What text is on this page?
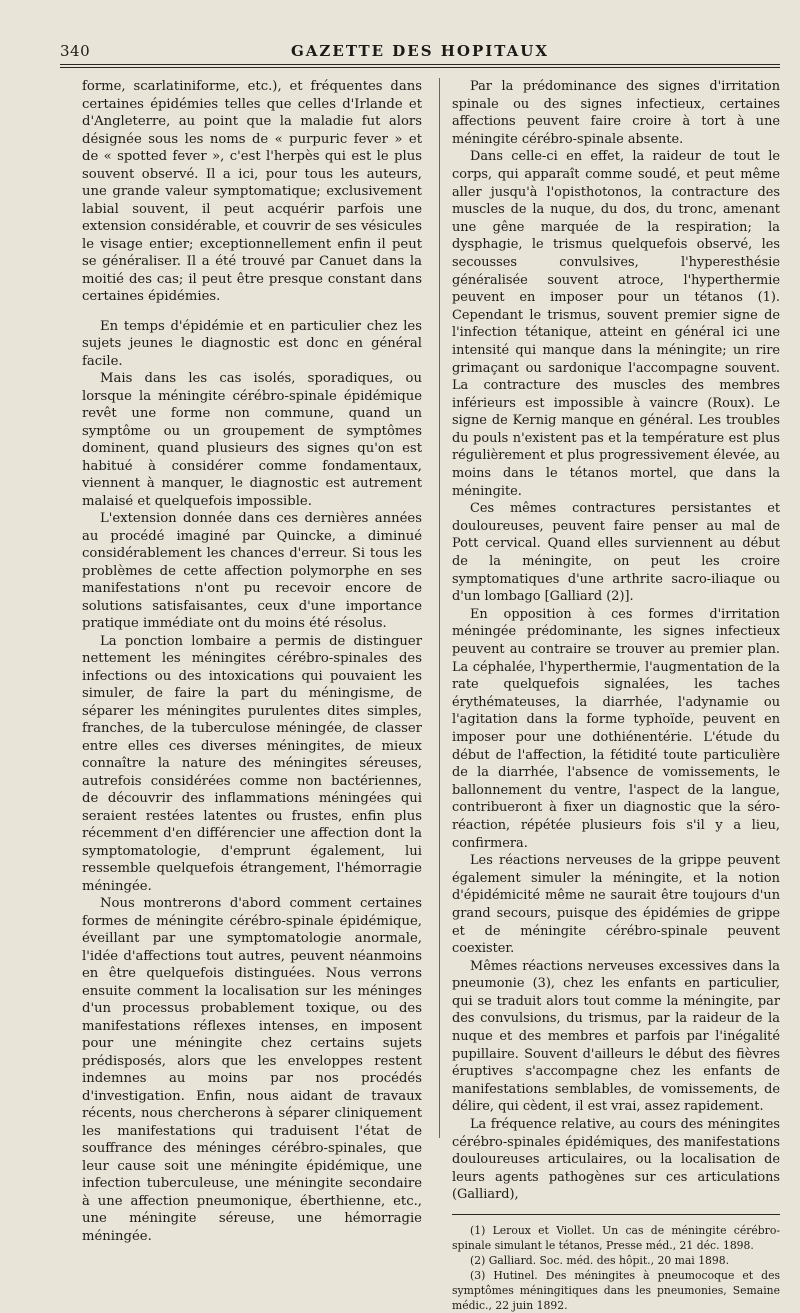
340	GAZETTE DES HOPITAUX

forme, scarlatiniforme, etc.), et fréquentes dans certaines épidémies telles que celles d'Irlande et d'Angleterre, au point que la maladie fut alors désignée sous les noms de « purpuric fever » et de « spotted fever », c'est l'herpès qui est le plus souvent observé. Il a ici, pour tous les auteurs, une grande valeur symptomatique; exclusivement labial souvent, il peut acquérir parfois une extension considérable, et couvrir de ses vésicules le visage entier; exceptionnellement enfin il peut se généraliser. Il a été trouvé par Canuet dans la moitié des cas; il peut être presque constant dans certaines épidémies.

En temps d'épidémie et en particulier chez les sujets jeunes le diagnostic est donc en général facile.

Mais dans les cas isolés, sporadiques, ou lorsque la méningite cérébro-spinale épidémique revêt une forme non commune, quand un symptôme ou un groupement de symptômes dominent, quand plusieurs des signes qu'on est habitué à considérer comme fondamentaux, viennent à manquer, le diagnostic est autrement malaisé et quelquefois impossible.

L'extension donnée dans ces dernières années au procédé imaginé par Quincke, a diminué considérablement les chances d'erreur. Si tous les problèmes de cette affection polymorphe en ses manifestations n'ont pu recevoir encore de solutions satisfaisantes, ceux d'une importance pratique immédiate ont du moins été résolus.

La ponction lombaire a permis de distinguer nettement les méningites cérébro-spinales des infections ou des intoxications qui pouvaient les simuler, de faire la part du méningisme, de séparer les méningites purulentes dites simples, franches, de la tuberculose méningée, de classer entre elles ces diverses méningites, de mieux connaître la nature des méningites séreuses, autrefois considérées comme non bactériennes, de découvrir des inflammations méningées qui seraient restées latentes ou frustes, enfin plus récemment d'en différencier une affection dont la symptomatologie, d'emprunt également, lui ressemble quelquefois étrangement, l'hémorragie méningée.

Nous montrerons d'abord comment certaines formes de méningite cérébro-spinale épidémique, éveillant par une symptomatologie anormale, l'idée d'affections tout autres, peuvent néanmoins en être quelquefois distinguées. Nous verrons ensuite comment la localisation sur les méninges d'un processus probablement toxique, ou des manifestations réflexes intenses, en imposent pour une méningite chez certains sujets prédisposés, alors que les enveloppes restent indemnes au moins par nos procédés d'investigation. Enfin, nous aidant de travaux récents, nous chercherons à séparer cliniquement les manifestations qui traduisent l'état de souffrance des méninges cérébro-spinales, que leur cause soit une méningite épidémique, une infection tuberculeuse, une méningite secondaire à une affection pneumonique, éberthienne, etc., une méningite séreuse, une hémorragie méningée.

Par la prédominance des signes d'irritation spinale ou des signes infectieux, certaines affections peuvent faire croire à tort à une méningite cérébro-spinale absente.

Dans celle-ci en effet, la raideur de tout le corps, qui apparaît comme soudé, et peut même aller jusqu'à l'opisthotonos, la contracture des muscles de la nuque, du dos, du tronc, amenant une gêne marquée de la respiration; la dysphagie, le trismus quelquefois observé, les secousses convulsives, l'hyperesthésie généralisée souvent atroce, l'hyperthermie peuvent en imposer pour un tétanos (1). Cependant le trismus, souvent premier signe de l'infection tétanique, atteint en général ici une intensité qui manque dans la méningite; un rire grimaçant ou sardonique l'accompagne souvent. La contracture des muscles des membres inférieurs est impossible à vaincre (Roux). Le signe de Kernig manque en général. Les troubles du pouls n'existent pas et la température est plus régulièrement et plus progressivement élevée, au moins dans le tétanos mortel, que dans la méningite.

Ces mêmes contractures persistantes et douloureuses, peuvent faire penser au mal de Pott cervical. Quand elles surviennent au début de la méningite, on peut les croire symptomatiques d'une arthrite sacro-iliaque ou d'un lombago [Galliard (2)].

En opposition à ces formes d'irritation méningée prédominante, les signes infectieux peuvent au contraire se trouver au premier plan. La céphalée, l'hyperthermie, l'augmentation de la rate quelquefois signalées, les taches érythémateuses, la diarrhée, l'adynamie ou l'agitation dans la forme typhoïde, peuvent en imposer pour une dothiénentérie. L'étude du début de l'affection, la fétidité toute particulière de la diarrhée, l'absence de vomissements, le ballonnement du ventre, l'aspect de la langue, contribueront à fixer un diagnostic que la séro-réaction, répétée plusieurs fois s'il y a lieu, confirmera.

Les réactions nerveuses de la grippe peuvent également simuler la méningite, et la notion d'épidémicité même ne saurait être toujours d'un grand secours, puisque des épidémies de grippe et de méningite cérébro-spinale peuvent coexister.

Mêmes réactions nerveuses excessives dans la pneumonie (3), chez les enfants en particulier, qui se traduit alors tout comme la méningite, par des convulsions, du trismus, par la raideur de la nuque et des membres et parfois par l'inégalité pupillaire. Souvent d'ailleurs le début des fièvres éruptives s'accompagne chez les enfants de manifestations semblables, de vomissements, de délire, qui cèdent, il est vrai, assez rapidement.

La fréquence relative, au cours des méningites cérébro-spinales épidémiques, des manifestations douloureuses articulaires, ou la localisation de leurs agents pathogènes sur ces articulations (Galliard),

(1) Leroux et Viollet. Un cas de méningite cérébro-spinale simulant le tétanos, Presse méd., 21 déc. 1898.

(2) Galliard. Soc. méd. des hôpit., 20 mai 1898.

(3) Hutinel. Des méningites à pneumocoque et des symptômes méningitiques dans les pneumonies, Semaine médic., 22 juin 1892.
